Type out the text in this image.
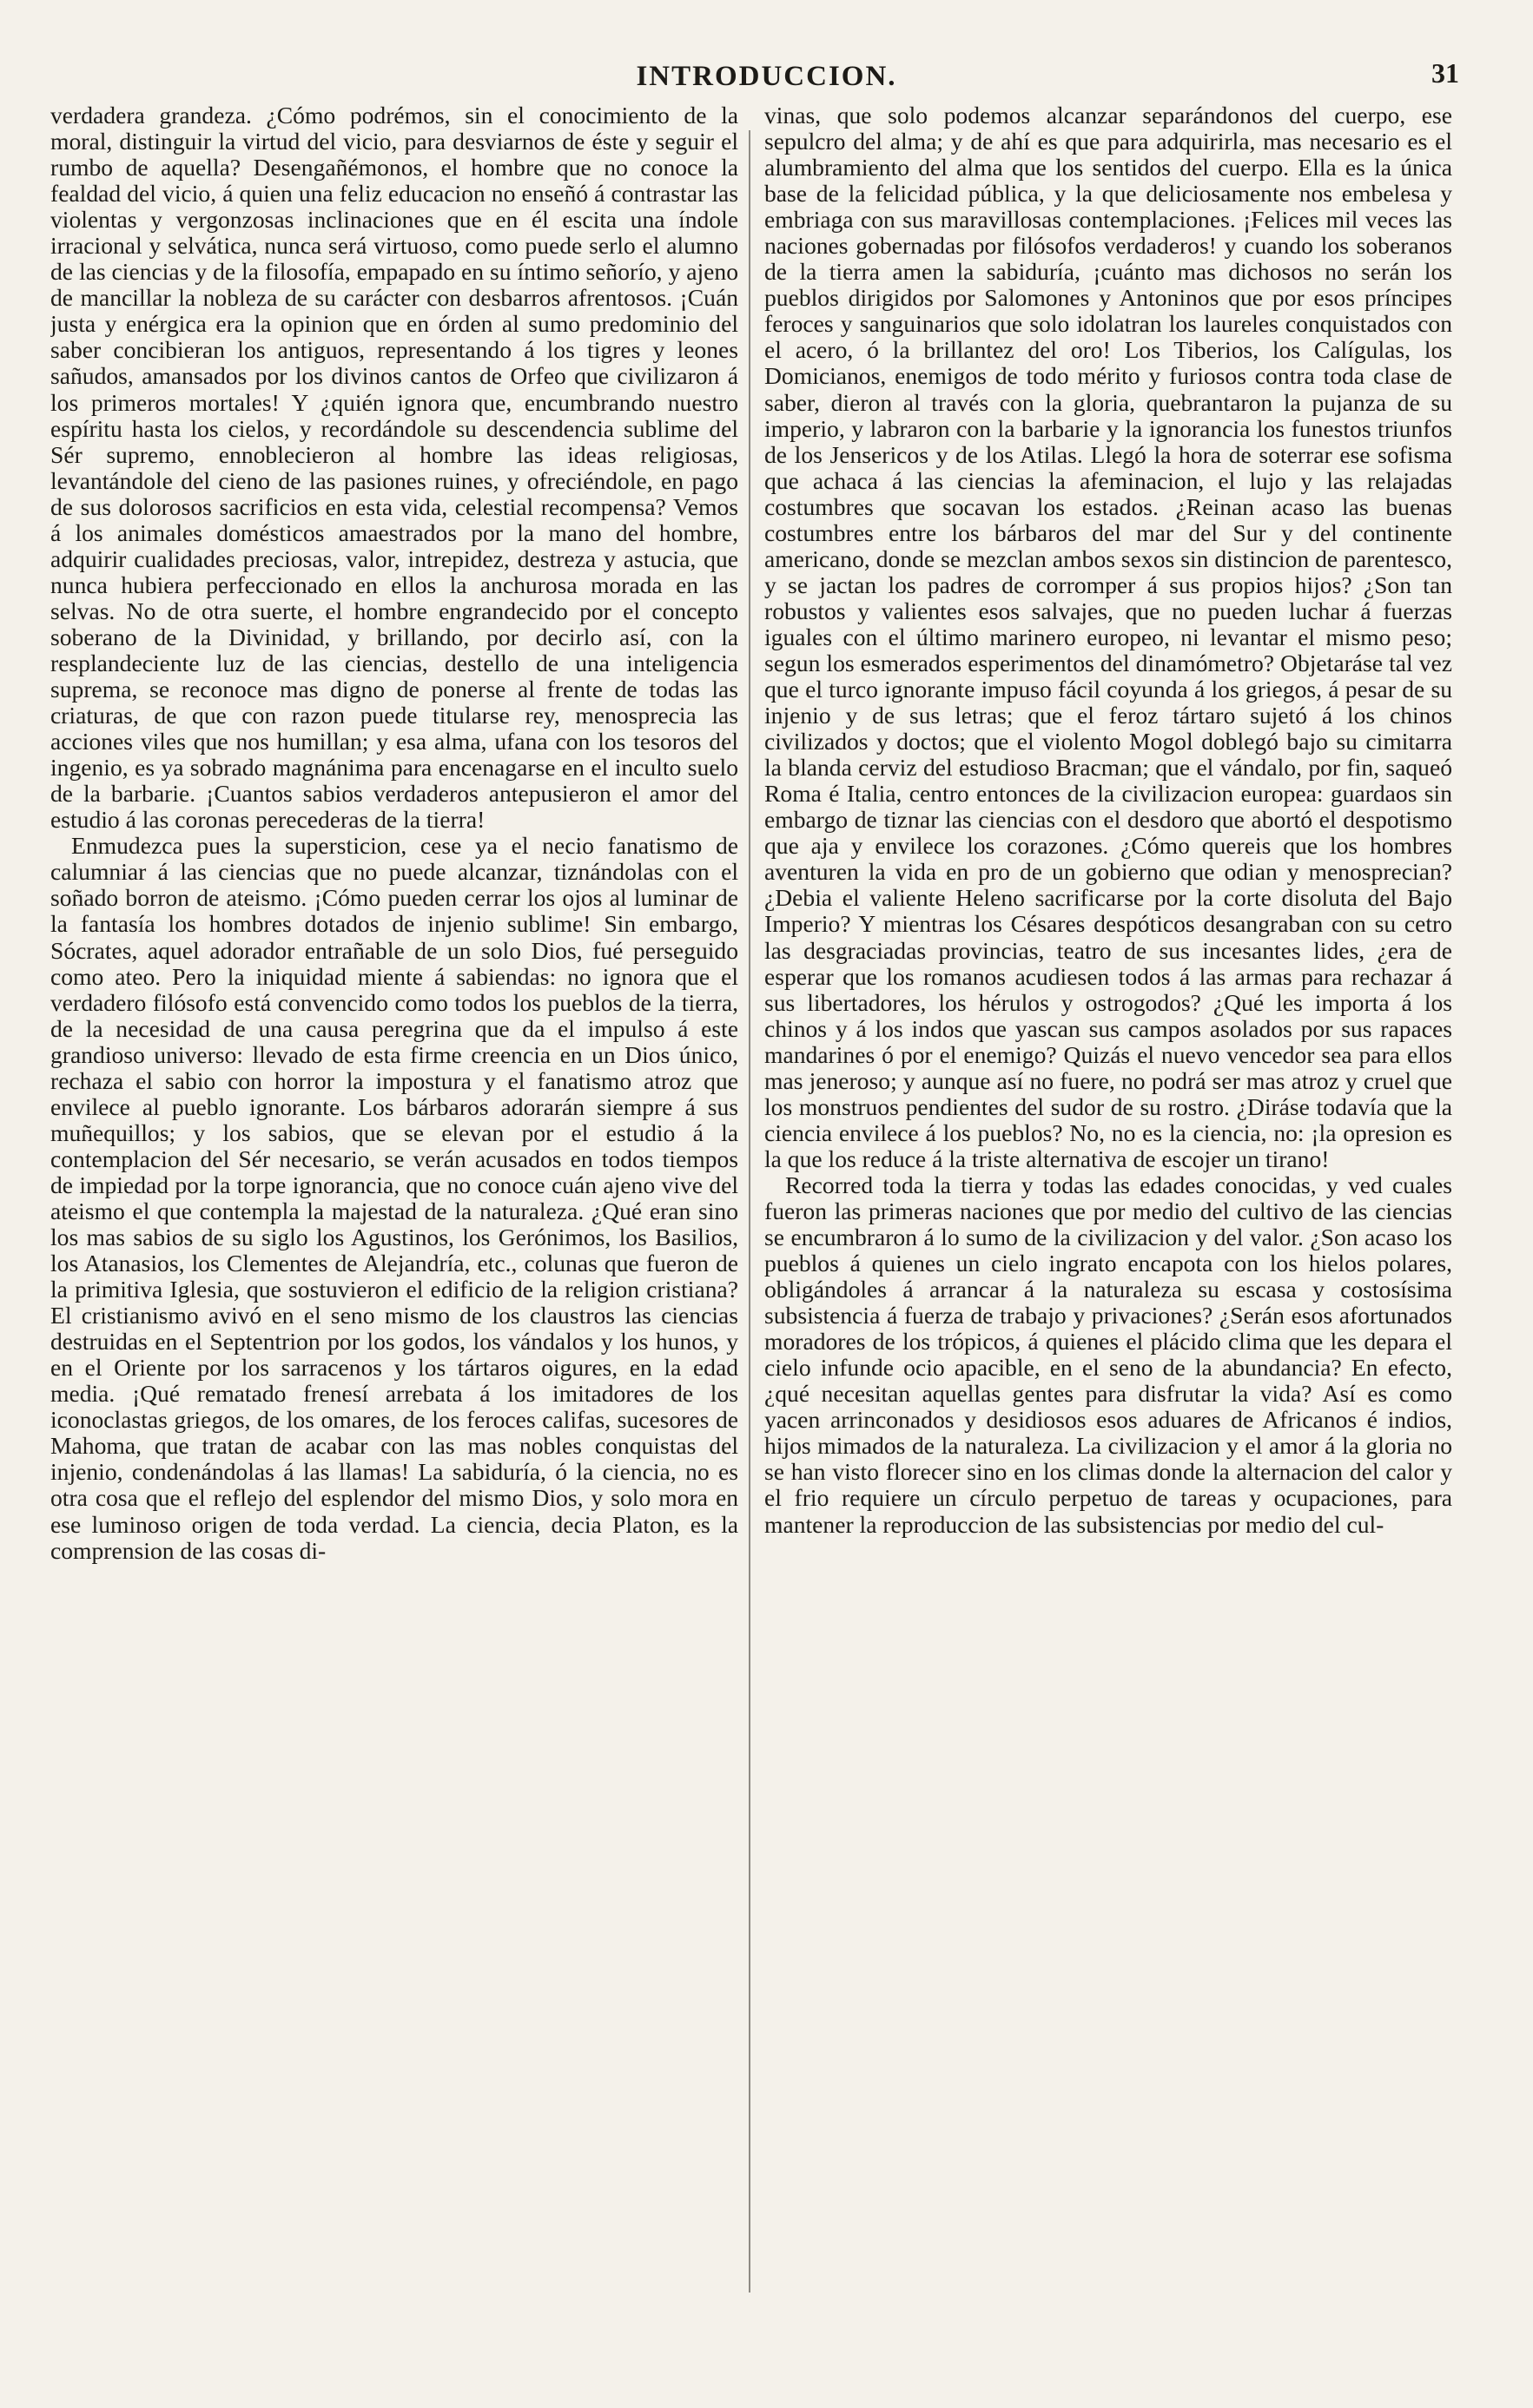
INTRODUCCION.	31

verdadera grandeza. ¿Cómo podrémos, sin el conocimiento de la moral, distinguir la virtud del vicio, para desviarnos de éste y seguir el rumbo de aquella? Desengañémonos, el hombre que no conoce la fealdad del vicio, á quien una feliz educacion no enseñó á contrastar las violentas y vergonzosas inclinaciones que en él escita una índole irracional y selvática, nunca será virtuoso, como puede serlo el alumno de las ciencias y de la filosofía, empapado en su íntimo señorío, y ajeno de mancillar la nobleza de su carácter con desbarros afrentosos. ¡Cuán justa y enérgica era la opinion que en órden al sumo predominio del saber concibieran los antiguos, representando á los tigres y leones sañudos, amansados por los divinos cantos de Orfeo que civilizaron á los primeros mortales! Y ¿quién ignora que, encumbrando nuestro espíritu hasta los cielos, y recordándole su descendencia sublime del Sér supremo, ennoblecieron al hombre las ideas religiosas, levantándole del cieno de las pasiones ruines, y ofreciéndole, en pago de sus dolorosos sacrificios en esta vida, celestial recompensa? Vemos á los animales domésticos amaestrados por la mano del hombre, adquirir cualidades preciosas, valor, intrepidez, destreza y astucia, que nunca hubiera perfeccionado en ellos la anchurosa morada en las selvas. No de otra suerte, el hombre engrandecido por el concepto soberano de la Divinidad, y brillando, por decirlo así, con la resplandeciente luz de las ciencias, destello de una inteligencia suprema, se reconoce mas digno de ponerse al frente de todas las criaturas, de que con razon puede titularse rey, menosprecia las acciones viles que nos humillan; y esa alma, ufana con los tesoros del ingenio, es ya sobrado magnánima para encenagarse en el inculto suelo de la barbarie. ¡Cuantos sabios verdaderos antepusieron el amor del estudio á las coronas perecederas de la tierra!

Enmudezca pues la supersticion, cese ya el necio fanatismo de calumniar á las ciencias que no puede alcanzar, tiznándolas con el soñado borron de ateismo. ¡Cómo pueden cerrar los ojos al luminar de la fantasía los hombres dotados de injenio sublime! Sin embargo, Sócrates, aquel adorador entrañable de un solo Dios, fué perseguido como ateo. Pero la iniquidad miente á sabiendas: no ignora que el verdadero filósofo está convencido como todos los pueblos de la tierra, de la necesidad de una causa peregrina que da el impulso á este grandioso universo: llevado de esta firme creencia en un Dios único, rechaza el sabio con horror la impostura y el fanatismo atroz que envilece al pueblo ignorante. Los bárbaros adorarán siempre á sus muñequillos; y los sabios, que se elevan por el estudio á la contemplacion del Sér necesario, se verán acusados en todos tiempos de impiedad por la torpe ignorancia, que no conoce cuán ajeno vive del ateismo el que contempla la majestad de la naturaleza. ¿Qué eran sino los mas sabios de su siglo los Agustinos, los Gerónimos, los Basilios, los Atanasios, los Clementes de Alejandría, etc., colunas que fueron de la primitiva Iglesia, que sostuvieron el edificio de la religion cristiana? El cristianismo avivó en el seno mismo de los claustros las ciencias destruidas en el Septentrion por los godos, los vándalos y los hunos, y en el Oriente por los sarracenos y los tártaros oigures, en la edad media. ¡Qué rematado frenesí arrebata á los imitadores de los iconoclastas griegos, de los omares, de los feroces califas, sucesores de Mahoma, que tratan de acabar con las mas nobles conquistas del injenio, condenándolas á las llamas! La sabiduría, ó la ciencia, no es otra cosa que el reflejo del esplendor del mismo Dios, y solo mora en ese luminoso origen de toda verdad. La ciencia, decia Platon, es la comprension de las cosas di-

vinas, que solo podemos alcanzar separándonos del cuerpo, ese sepulcro del alma; y de ahí es que para adquirirla, mas necesario es el alumbramiento del alma que los sentidos del cuerpo. Ella es la única base de la felicidad pública, y la que deliciosamente nos embelesa y embriaga con sus maravillosas contemplaciones. ¡Felices mil veces las naciones gobernadas por filósofos verdaderos! y cuando los soberanos de la tierra amen la sabiduría, ¡cuánto mas dichosos no serán los pueblos dirigidos por Salomones y Antoninos que por esos príncipes feroces y sanguinarios que solo idolatran los laureles conquistados con el acero, ó la brillantez del oro! Los Tiberios, los Calígulas, los Domicianos, enemigos de todo mérito y furiosos contra toda clase de saber, dieron al través con la gloria, quebrantaron la pujanza de su imperio, y labraron con la barbarie y la ignorancia los funestos triunfos de los Jensericos y de los Atilas. Llegó la hora de soterrar ese sofisma que achaca á las ciencias la afeminacion, el lujo y las relajadas costumbres que socavan los estados. ¿Reinan acaso las buenas costumbres entre los bárbaros del mar del Sur y del continente americano, donde se mezclan ambos sexos sin distincion de parentesco, y se jactan los padres de corromper á sus propios hijos? ¿Son tan robustos y valientes esos salvajes, que no pueden luchar á fuerzas iguales con el último marinero europeo, ni levantar el mismo peso; segun los esmerados esperimentos del dinamómetro? Objetaráse tal vez que el turco ignorante impuso fácil coyunda á los griegos, á pesar de su injenio y de sus letras; que el feroz tártaro sujetó á los chinos civilizados y doctos; que el violento Mogol doblegó bajo su cimitarra la blanda cerviz del estudioso Bracman; que el vándalo, por fin, saqueó Roma é Italia, centro entonces de la civilizacion europea: guardaos sin embargo de tiznar las ciencias con el desdoro que abortó el despotismo que aja y envilece los corazones. ¿Cómo quereis que los hombres aventuren la vida en pro de un gobierno que odian y menosprecian? ¿Debia el valiente Heleno sacrificarse por la corte disoluta del Bajo Imperio? Y mientras los Césares despóticos desangraban con su cetro las desgraciadas provincias, teatro de sus incesantes lides, ¿era de esperar que los romanos acudiesen todos á las armas para rechazar á sus libertadores, los hérulos y ostrogodos? ¿Qué les importa á los chinos y á los indos que yascan sus campos asolados por sus rapaces mandarines ó por el enemigo? Quizás el nuevo vencedor sea para ellos mas jeneroso; y aunque así no fuere, no podrá ser mas atroz y cruel que los monstruos pendientes del sudor de su rostro. ¿Diráse todavía que la ciencia envilece á los pueblos? No, no es la ciencia, no: ¡la opresion es la que los reduce á la triste alternativa de escojer un tirano!

Recorred toda la tierra y todas las edades conocidas, y ved cuales fueron las primeras naciones que por medio del cultivo de las ciencias se encumbraron á lo sumo de la civilizacion y del valor. ¿Son acaso los pueblos á quienes un cielo ingrato encapota con los hielos polares, obligándoles á arrancar á la naturaleza su escasa y costosísima subsistencia á fuerza de trabajo y privaciones? ¿Serán esos afortunados moradores de los trópicos, á quienes el plácido clima que les depara el cielo infunde ocio apacible, en el seno de la abundancia? En efecto, ¿qué necesitan aquellas gentes para disfrutar la vida? Así es como yacen arrinconados y desidiosos esos aduares de Africanos é indios, hijos mimados de la naturaleza. La civilizacion y el amor á la gloria no se han visto florecer sino en los climas donde la alternacion del calor y el frio requiere un círculo perpetuo de tareas y ocupaciones, para mantener la reproduccion de las subsistencias por medio del cul-
